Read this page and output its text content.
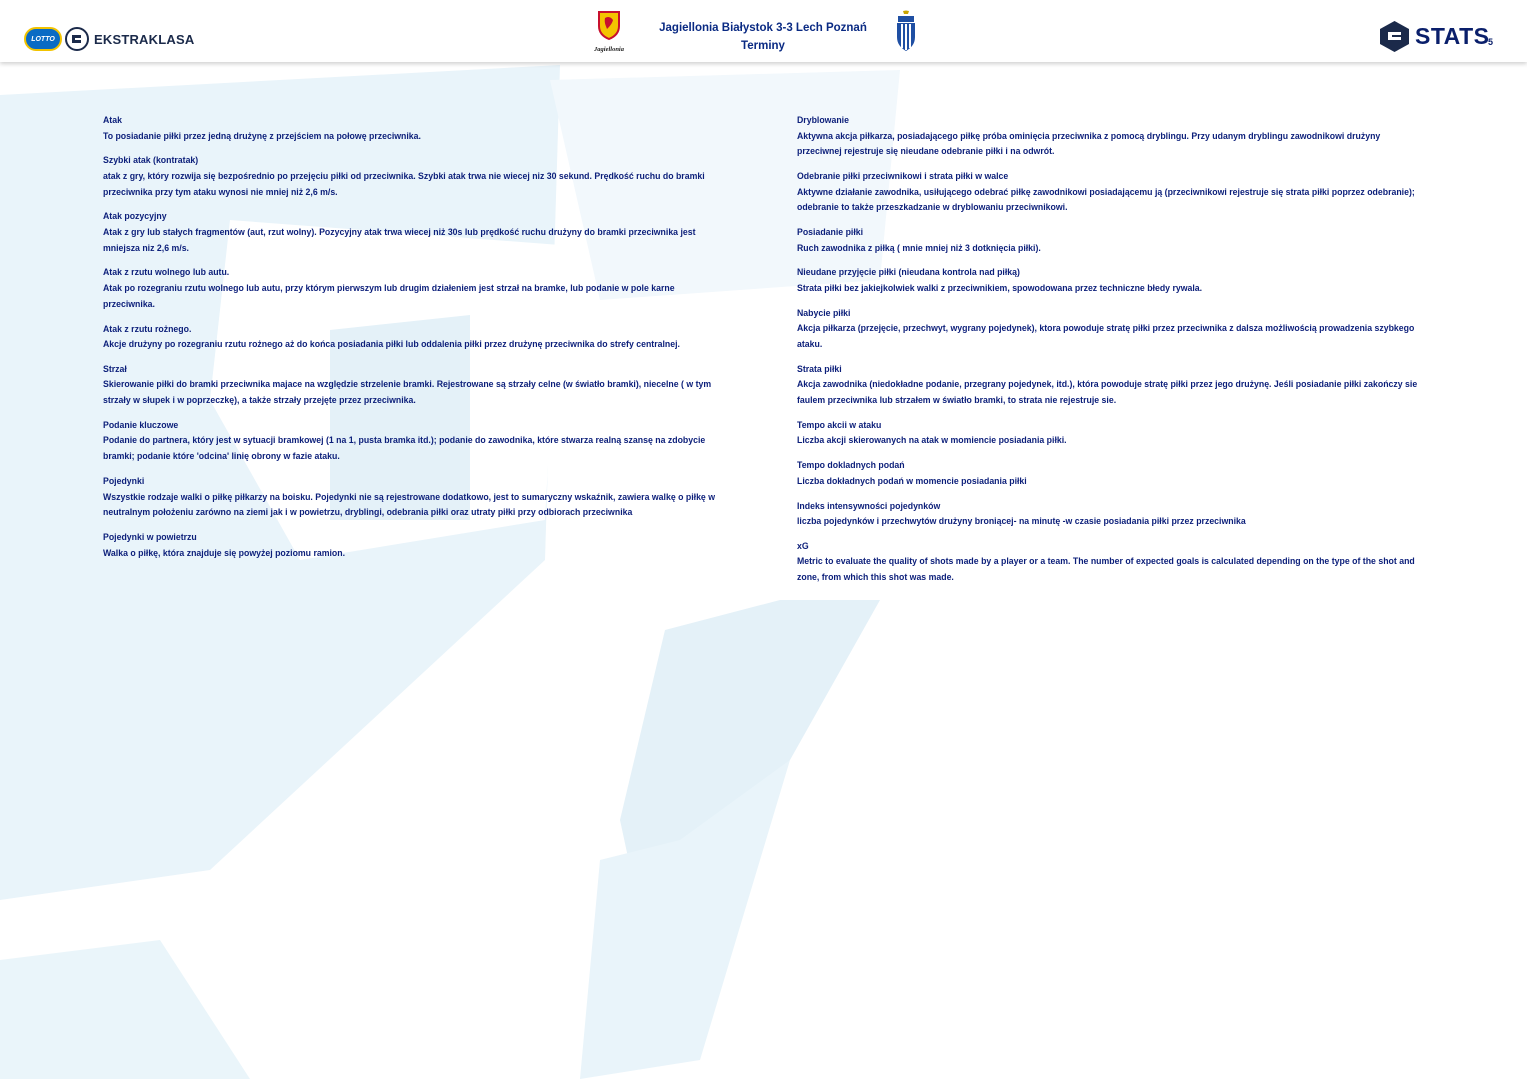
LOTTO	EKSTRAKLASA
Jagiellonia
Jagiellonia Białystok 3-3 Lech Poznań
Terminy	STATS
5
Atak
To posiadanie piłki przez jedną drużynę z przejściem na połowę przeciwnika.
Szybki atak (kontratak)
atak z gry, który rozwija się bezpośrednio po przejęciu piłki od przeciwnika. Szybki atak trwa nie wiecej niz 30 sekund. Prędkość ruchu do bramki przeciwnika przy tym ataku wynosi nie mniej niż 2,6 m/s.
Atak pozycyjny
Atak z gry lub stałych fragmentów (aut, rzut wolny). Pozycyjny atak trwa wiecej niż 30s lub prędkość ruchu drużyny do bramki przeciwnika jest mniejsza niz 2,6 m/s.
Atak z rzutu wolnego lub autu.
Atak po rozegraniu rzutu wolnego lub autu, przy którym pierwszym lub drugim działeniem jest strzał na bramke, lub podanie w pole karne przeciwnika.
Atak z rzutu rożnego.
Akcje drużyny po rozegraniu rzutu rożnego aż do końca posiadania piłki lub oddalenia piłki przez drużynę przeciwnika do strefy centralnej.
Strzał
Skierowanie piłki do bramki przeciwnika majace na względzie strzelenie bramki. Rejestrowane są strzały celne (w światło bramki), niecelne ( w tym strzały w słupek i w poprzeczkę), a także strzały przejęte przez przeciwnika.
Podanie kluczowe
Podanie do partnera, który jest w sytuacji bramkowej (1 na 1, pusta bramka itd.); podanie do zawodnika, które stwarza realną szansę na zdobycie bramki; podanie które 'odcina' linię obrony w fazie ataku.
Pojedynki
Wszystkie rodzaje walki o piłkę piłkarzy na boisku. Pojedynki nie są rejestrowane dodatkowo, jest to sumaryczny wskaźnik, zawiera walkę o piłkę w neutralnym położeniu zarówno na ziemi jak i w powietrzu, dryblingi, odebrania piłki oraz utraty piłki przy odbiorach przeciwnika
Pojedynki w powietrzu
Walka o piłkę, która znajduje się powyżej poziomu ramion.
Dryblowanie
Aktywna akcja piłkarza, posiadającego piłkę próba ominięcia przeciwnika z pomocą dryblingu. Przy udanym dryblingu zawodnikowi drużyny przeciwnej rejestruje się nieudane odebranie piłki i na odwrót.
Odebranie piłki przeciwnikowi i strata piłki w walce
Aktywne działanie zawodnika, usiłującego odebrać piłkę zawodnikowi posiadającemu ją (przeciwnikowi rejestruje się strata piłki poprzez odebranie); odebranie to także przeszkadzanie w dryblowaniu przeciwnikowi.
Posiadanie piłki
Ruch zawodnika z piłką ( mnie mniej niż 3 dotknięcia piłki).
Nieudane przyjęcie piłki (nieudana kontrola nad piłką)
Strata piłki bez jakiejkolwiek walki z przeciwnikiem, spowodowana przez techniczne błedy rywala.
Nabycie piłki
Akcja piłkarza (przejęcie, przechwyt, wygrany pojedynek), ktora powoduje stratę piłki przez przeciwnika z dalsza możliwością prowadzenia szybkego ataku.
Strata piłki
Akcja zawodnika (niedokładne podanie, przegrany pojedynek, itd.), która powoduje stratę piłki przez jego drużynę. Jeśli posiadanie piłki zakończy sie faulem przeciwnika lub strzałem w światło bramki, to strata nie rejestruje sie.
Tempo akcii w ataku
Liczba akcji skierowanych na atak w momiencie posiadania piłki.
Tempo dokladnych podań
Liczba dokładnych podań w momencie posiadania piłki
Indeks intensywności pojedynków
liczba pojedynków i przechwytów drużyny broniącej- na minutę -w czasie posiadania piłki przez przeciwnika
xG
Metric to evaluate the quality of shots made by a player or a team. The number of expected goals is calculated depending on the type of the shot and zone, from which this shot was made.
